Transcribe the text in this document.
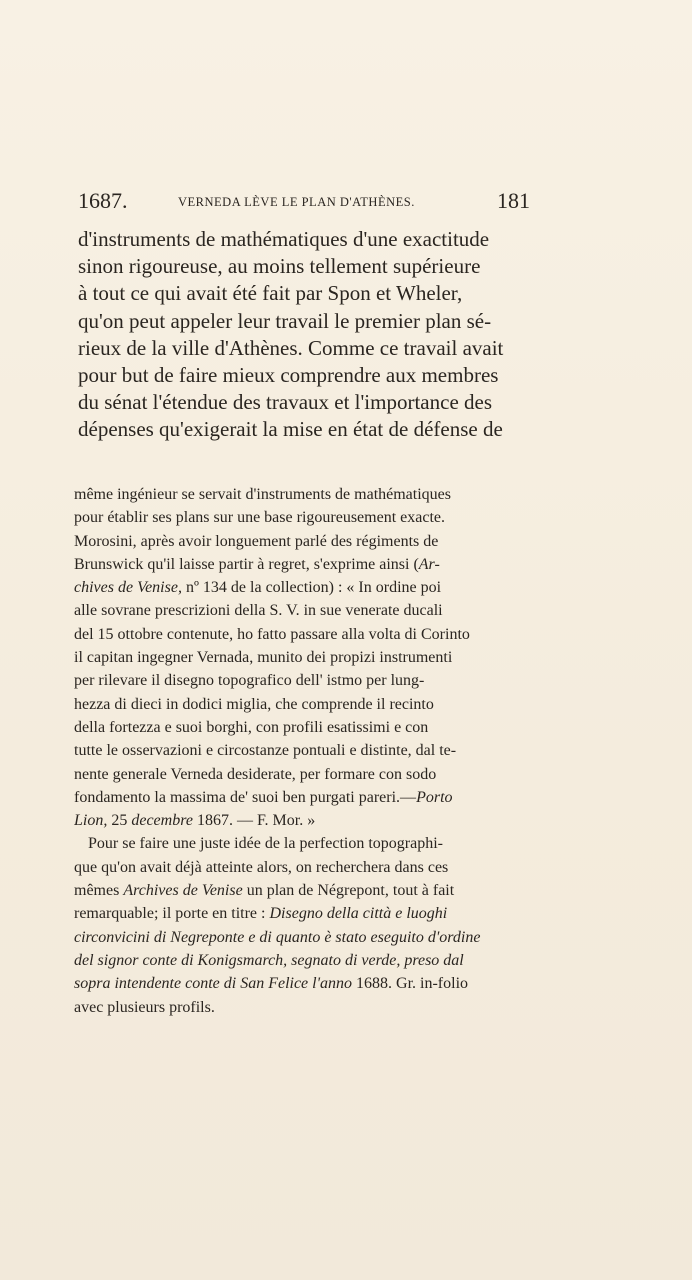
1687.	VERNEDA LÈVE LE PLAN D'ATHÈNES.	181
d'instruments de mathématiques d'une exactitude
sinon rigoureuse, au moins tellement supérieure
à tout ce qui avait été fait par Spon et Wheler,
qu'on peut appeler leur travail le premier plan sé-
rieux de la ville d'Athènes. Comme ce travail avait
pour but de faire mieux comprendre aux membres
du sénat l'étendue des travaux et l'importance des
dépenses qu'exigerait la mise en état de défense de
même ingénieur se servait d'instruments de mathématiques
pour établir ses plans sur une base rigoureusement exacte.
Morosini, après avoir longuement parlé des régiments de
Brunswick qu'il laisse partir à regret, s'exprime ainsi (Ar-
chives de Venise, nº 134 de la collection) : « In ordine poi
alle sovrane prescrizioni della S. V. in sue venerate ducali
del 15 ottobre contenute, ho fatto passare alla volta di Corinto
il capitan ingegner Vernada, munito dei propizi instrumenti
per rilevare il disegno topografico dell' istmo per lung-
hezza di dieci in dodici miglia, che comprende il recinto
della fortezza e suoi borghi, con profili esatissimi e con
tutte le osservazioni e circostanze pontuali e distinte, dal te-
nente generale Verneda desiderate, per formare con sodo
fondamento la massima de' suoi ben purgati pareri.—Porto
Lion, 25 decembre 1867. — F. Mor. »
Pour se faire une juste idée de la perfection topographi-
que qu'on avait déjà atteinte alors, on recherchera dans ces
mêmes Archives de Venise un plan de Négrepont, tout à fait
remarquable; il porte en titre : Disegno della città e luoghi
circonvicini di Negreponte e di quanto è stato eseguito d'ordine
del signor conte di Konigsmarch, segnato di verde, preso dal
sopra intendente conte di San Felice l'anno 1688. Gr. in-folio
avec plusieurs profils.
